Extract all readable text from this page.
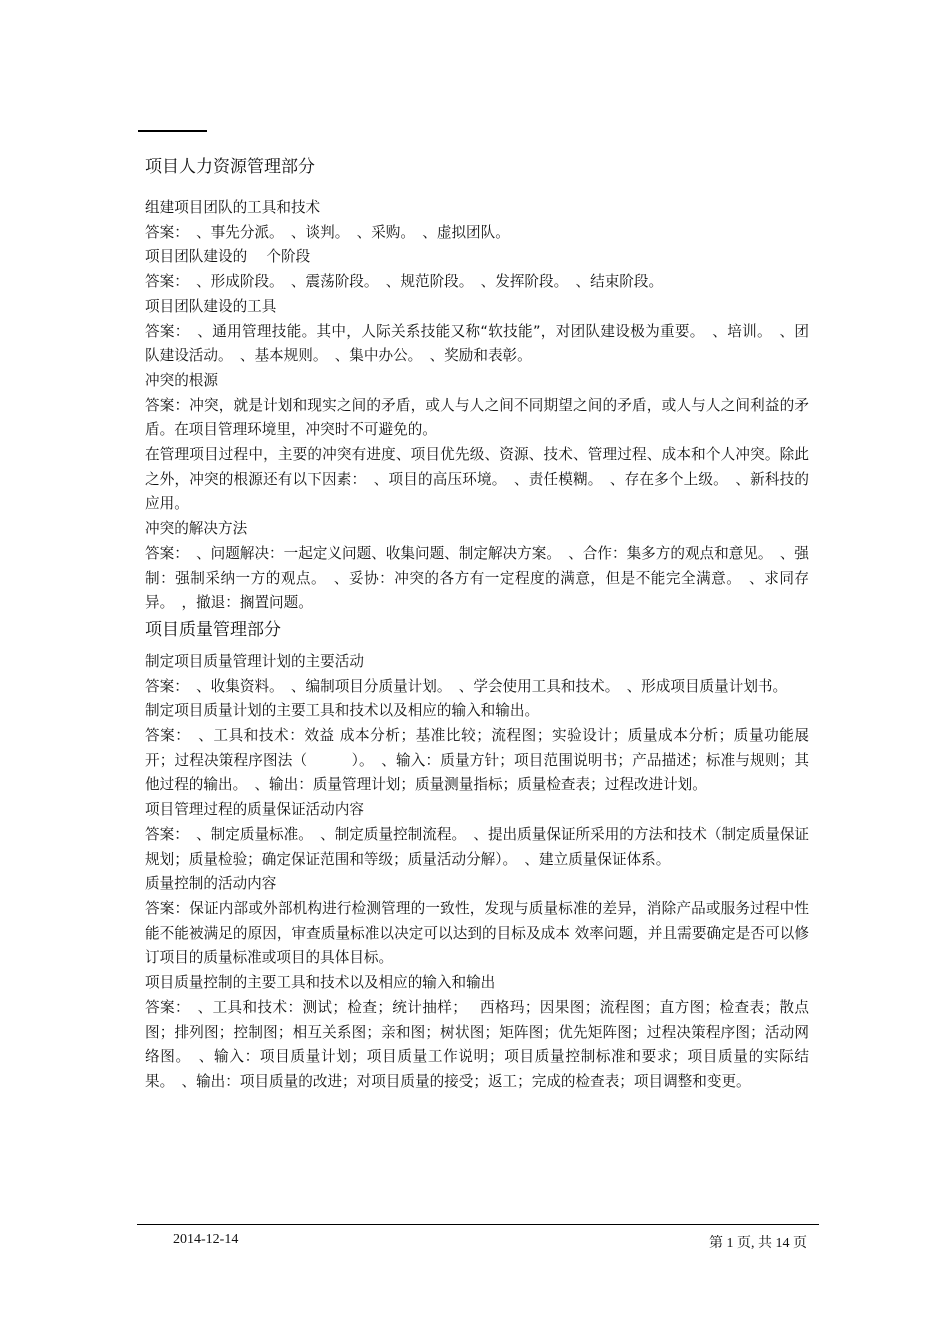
项目人力资源管理部分
组建项目团队的工具和技术
答案：　、事先分派。　、谈判。　、采购。　、虚拟团队。
项目团队建设的　 个阶段
答案：　、形成阶段。　、震荡阶段。　、规范阶段。　、发挥阶段。　、结束阶段。
项目团队建设的工具
答案：　、通用管理技能。其中，人际关系技能又称“软技能”，对团队建设极为重要。　、培训。　、团队建设活动。　、基本规则。　、集中办公。　、奖励和表彰。
冲突的根源
答案：冲突，就是计划和现实之间的矛盾，或人与人之间不同期望之间的矛盾，或人与人之间利益的矛盾。在项目管理环境里，冲突时不可避免的。
在管理项目过程中，主要的冲突有进度、项目优先级、资源、技术、管理过程、成本和个人冲突。除此之外，冲突的根源还有以下因素：　、项目的高压环境。　、责任模糊。　、存在多个上级。　、新科技的应用。
冲突的解决方法
答案：　、问题解决：一起定义问题、收集问题、制定解决方案。　、合作：集多方的观点和意见。　、强制：强制采纳一方的观点。　、妥协：冲突的各方有一定程度的满意，但是不能完全满意。　、求同存异。　，撤退：搁置问题。
项目质量管理部分
制定项目质量管理计划的主要活动
答案：　、收集资料。　、编制项目分质量计划。　、学会使用工具和技术。　、形成项目质量计划书。
制定项目质量计划的主要工具和技术以及相应的输入和输出。
答案：　、工具和技术：效益 成本分析；基准比较；流程图；实验设计；质量成本分析；质量功能展开；过程决策程序图法（　　　）。　、输入：质量方针；项目范围说明书；产品描述；标准与规则；其他过程的输出。　、输出：质量管理计划；质量测量指标；质量检查表；过程改进计划。
项目管理过程的质量保证活动内容
答案：　、制定质量标准。　、制定质量控制流程。　、提出质量保证所采用的方法和技术（制定质量保证规划；质量检验；确定保证范围和等级；质量活动分解）。　、建立质量保证体系。
质量控制的活动内容
答案：保证内部或外部机构进行检测管理的一致性，发现与质量标准的差异，消除产品或服务过程中性能不能被满足的原因，审查质量标准以决定可以达到的目标及成本 效率问题，并且需要确定是否可以修订项目的质量标准或项目的具体目标。
项目质量控制的主要工具和技术以及相应的输入和输出
答案：　、工具和技术：测试；检查；统计抽样；　 西格玛；因果图；流程图；直方图；检查表；散点图；排列图；控制图；相互关系图；亲和图；树状图；矩阵图；优先矩阵图；过程决策程序图；活动网络图。　、输入：项目质量计划；项目质量工作说明；项目质量控制标准和要求；项目质量的实际结果。　、输出：项目质量的改进；对项目质量的接受；返工；完成的检查表；项目调整和变更。
2014-12-14	第 1 页, 共 14 页
